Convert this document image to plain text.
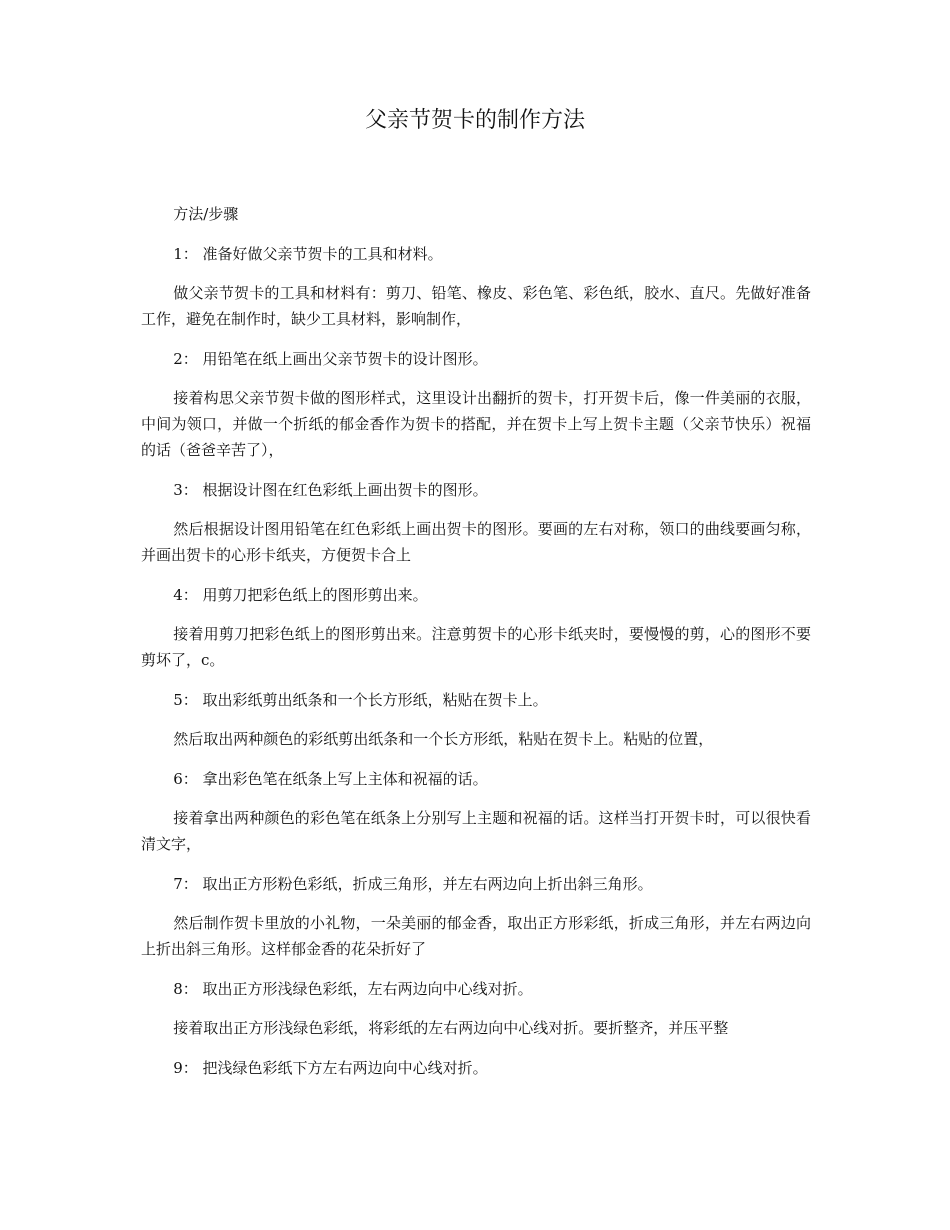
父亲节贺卡的制作方法

方法/步骤

1： 准备好做父亲节贺卡的工具和材料。

做父亲节贺卡的工具和材料有：剪刀、铅笔、橡皮、彩色笔、彩色纸，胶水、直尺。先做好准备工作，避免在制作时，缺少工具材料，影响制作，

2： 用铅笔在纸上画出父亲节贺卡的设计图形。

接着构思父亲节贺卡做的图形样式，这里设计出翻折的贺卡，打开贺卡后，像一件美丽的衣服，中间为领口，并做一个折纸的郁金香作为贺卡的搭配，并在贺卡上写上贺卡主题（父亲节快乐）祝福的话（爸爸辛苦了），

3： 根据设计图在红色彩纸上画出贺卡的图形。

然后根据设计图用铅笔在红色彩纸上画出贺卡的图形。要画的左右对称，领口的曲线要画匀称，并画出贺卡的心形卡纸夹，方便贺卡合上

4： 用剪刀把彩色纸上的图形剪出来。

接着用剪刀把彩色纸上的图形剪出来。注意剪贺卡的心形卡纸夹时，要慢慢的剪，心的图形不要剪坏了，c。

5： 取出彩纸剪出纸条和一个长方形纸，粘贴在贺卡上。

然后取出两种颜色的彩纸剪出纸条和一个长方形纸，粘贴在贺卡上。粘贴的位置，

6： 拿出彩色笔在纸条上写上主体和祝福的话。

接着拿出两种颜色的彩色笔在纸条上分别写上主题和祝福的话。这样当打开贺卡时，可以很快看清文字，

7： 取出正方形粉色彩纸，折成三角形，并左右两边向上折出斜三角形。

然后制作贺卡里放的小礼物，一朵美丽的郁金香，取出正方形彩纸，折成三角形，并左右两边向上折出斜三角形。这样郁金香的花朵折好了

8： 取出正方形浅绿色彩纸，左右两边向中心线对折。

接着取出正方形浅绿色彩纸，将彩纸的左右两边向中心线对折。要折整齐，并压平整

9： 把浅绿色彩纸下方左右两边向中心线对折。
